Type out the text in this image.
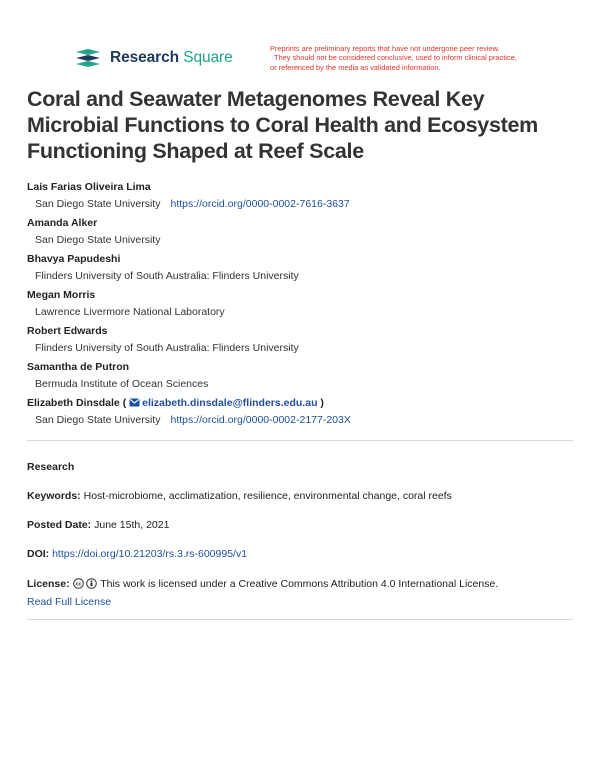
Research Square
Preprints are preliminary reports that have not undergone peer review.
They should not be considered conclusive, used to inform clinical practice,
or referenced by the media as validated information.
Coral and Seawater Metagenomes Reveal Key Microbial Functions to Coral Health and Ecosystem Functioning Shaped at Reef Scale
Laís Farias Oliveira Lima
San Diego State University https://orcid.org/0000-0002-7616-3637
Amanda Alker
San Diego State University
Bhavya Papudeshi
Flinders University of South Australia: Flinders University
Megan Morris
Lawrence Livermore National Laboratory
Robert Edwards
Flinders University of South Australia: Flinders University
Samantha de Putron
Bermuda Institute of Ocean Sciences
Elizabeth Dinsdale ( elizabeth.dinsdale@flinders.edu.au )
San Diego State University https://orcid.org/0000-0002-2177-203X
Research
Keywords: Host-microbiome, acclimatization, resilience, environmental change, coral reefs
Posted Date: June 15th, 2021
DOI: https://doi.org/10.21203/rs.3.rs-600995/v1
License: cc This work is licensed under a Creative Commons Attribution 4.0 International License.
Read Full License
